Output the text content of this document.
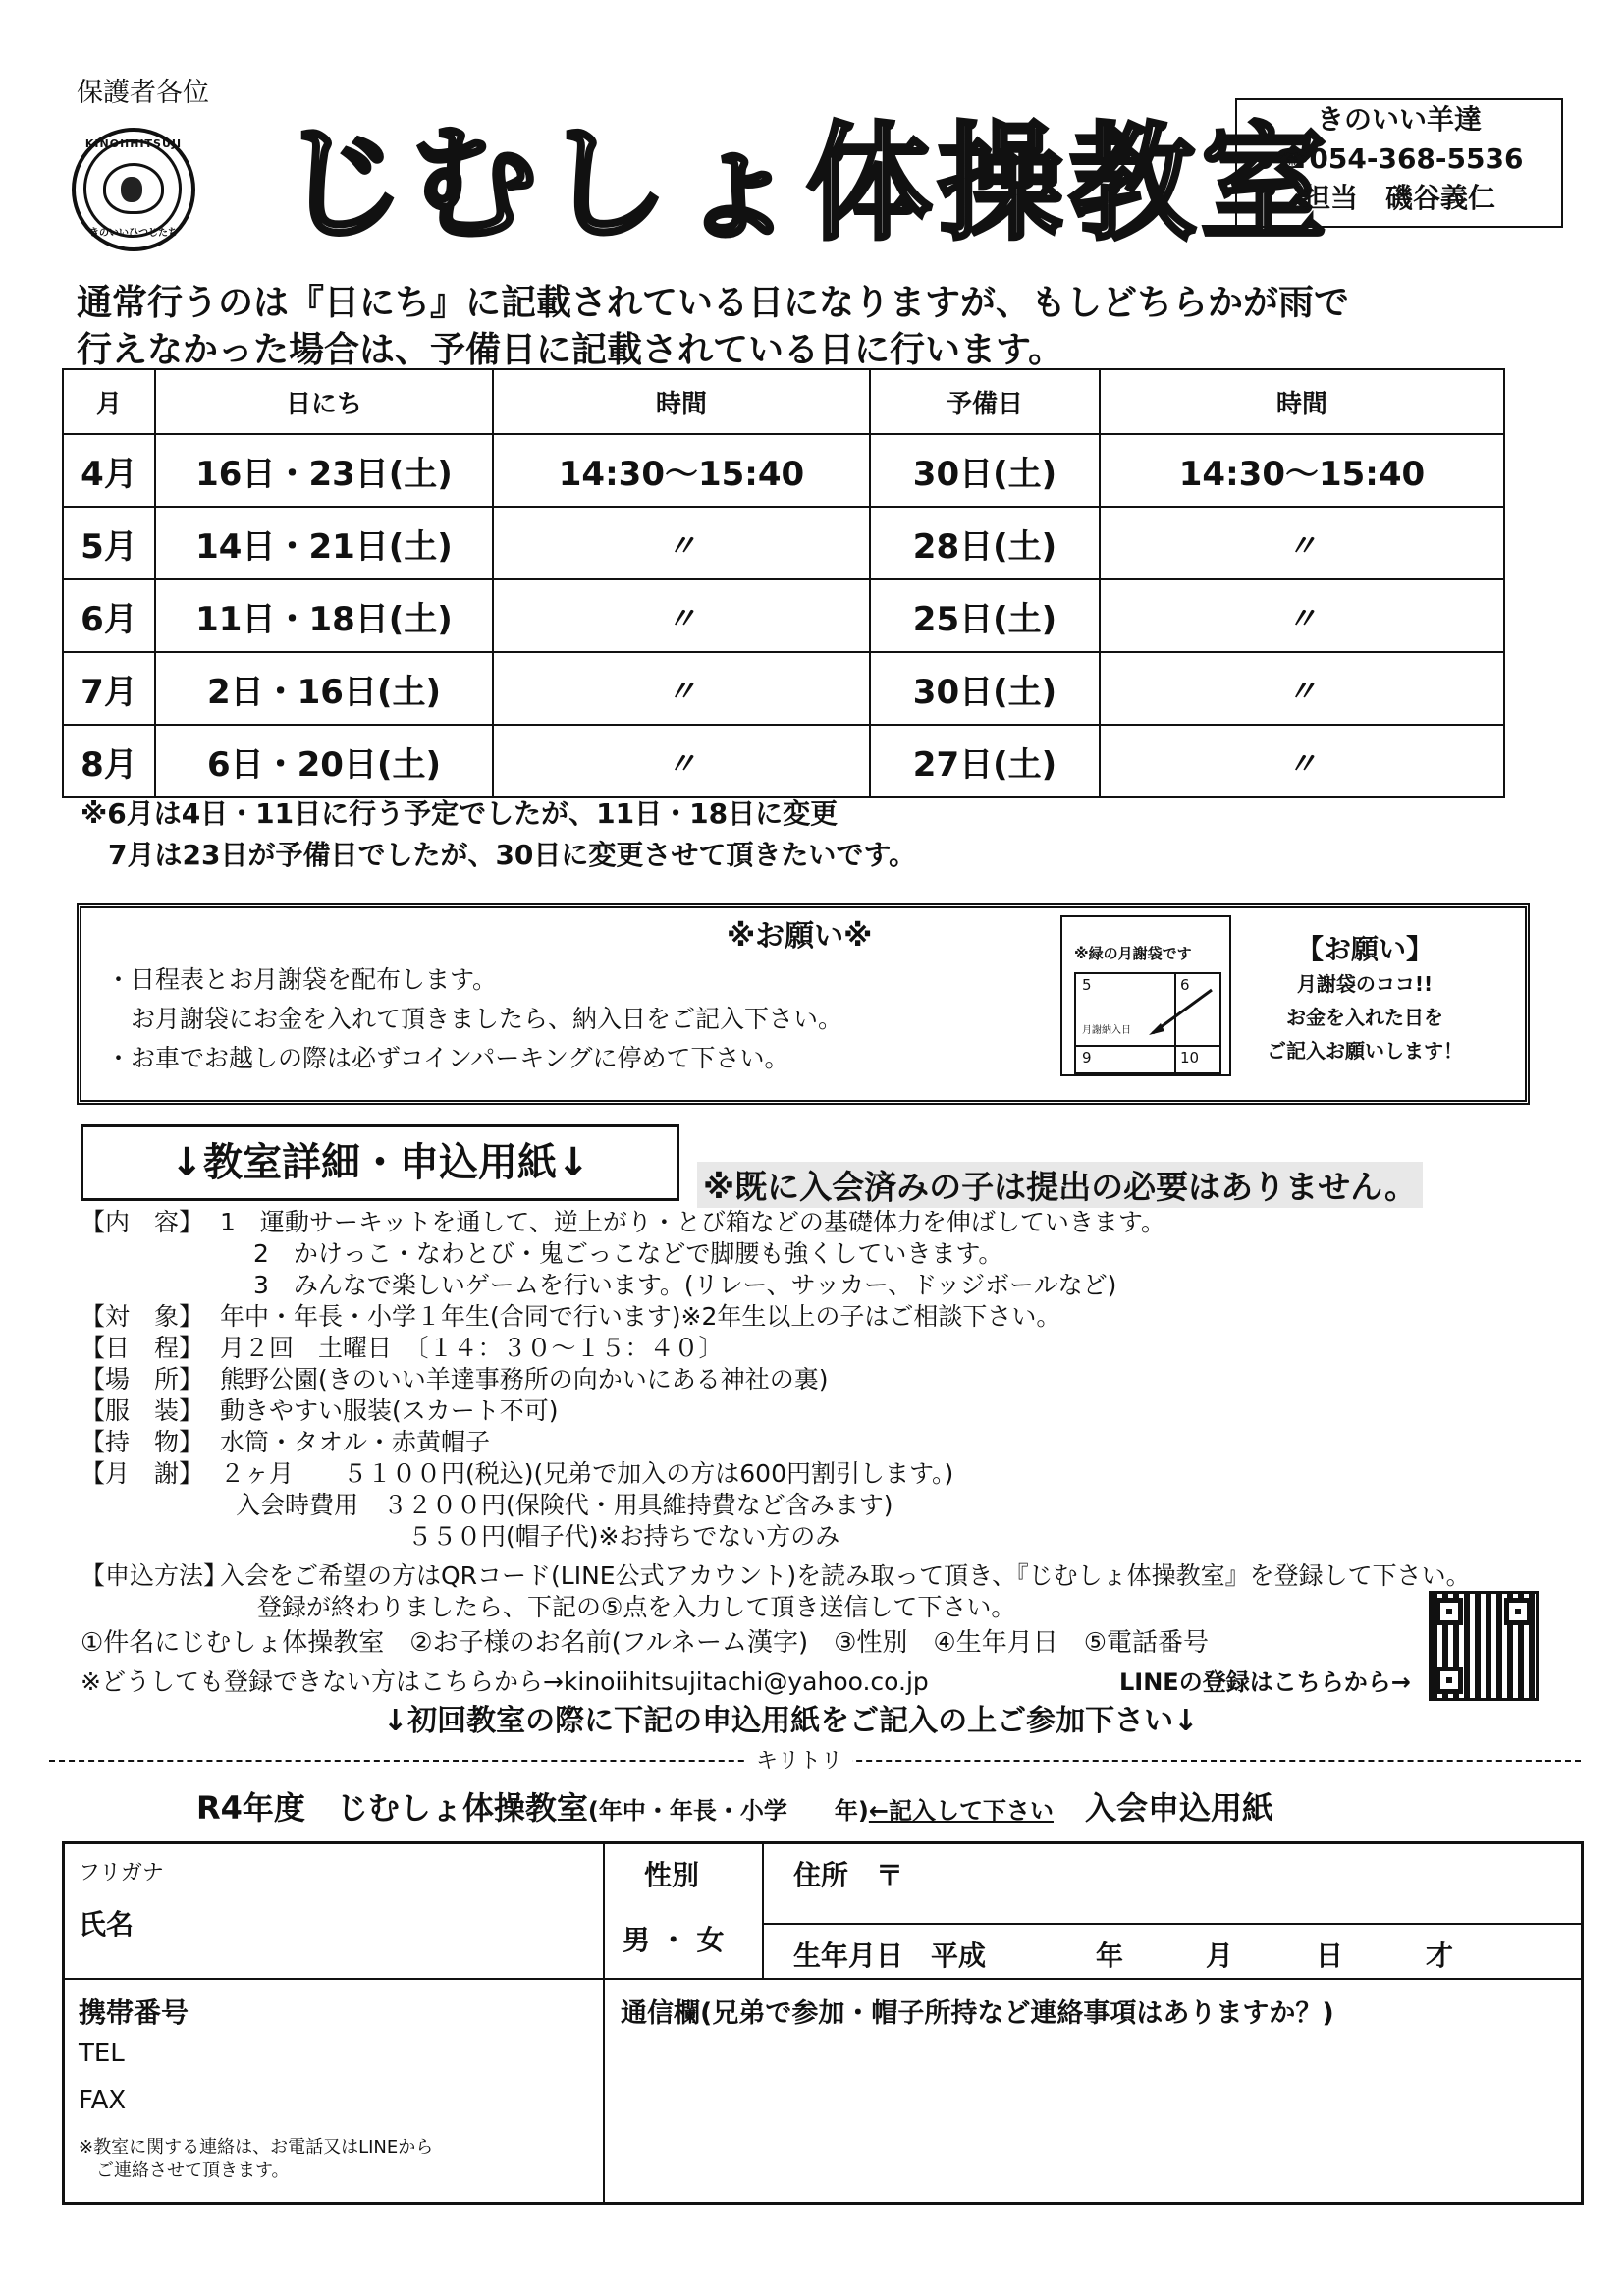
保護者各位
KINOIIHITSUJI
きのいいひつじたち じむしょ体操教室
きのいい羊達
☎054-368-5536
担当　磯谷義仁
通常行うのは『日にち』に記載されている日になりますが、もしどちらかが雨で
行えなかった場合は、予備日に記載されている日に行います。
月	日にち	時間	予備日	時間
4月	16日・23日(土)	14:30〜15:40	30日(土)	14:30〜15:40
5月	14日・21日(土)	〃	28日(土)	〃
6月	11日・18日(土)	〃	25日(土)	〃
7月	2日・16日(土)	〃	30日(土)	〃
8月	6日・20日(土)	〃	27日(土)	〃
※6月は4日・11日に行う予定でしたが、11日・18日に変更
7月は23日が予備日でしたが、30日に変更させて頂きたいです。
※お願い※
・日程表とお月謝袋を配布します。
　お月謝袋にお金を入れて頂きましたら、納入日をご記入下さい。
・お車でお越しの際は必ずコインパーキングに停めて下さい。
※緑の月謝袋です
5	6
月謝納入日
9	10
【お願い】
月謝袋のココ!!
お金を入れた日を
ご記入お願いします！
↓教室詳細・申込用紙↓
※既に入会済みの子は提出の必要はありません。
【内　容】 1　運動サーキットを通して、逆上がり・とび箱などの基礎体力を伸ばしていきます。
2　かけっこ・なわとび・鬼ごっこなどで脚腰も強くしていきます。
3　みんなで楽しいゲームを行います。(リレー、サッカー、ドッジボールなど)
【対　象】 年中・年長・小学１年生(合同で行います)※2年生以上の子はご相談下さい。
【日　程】 月２回　土曜日　〔１４：３０〜１５：４０〕
【場　所】 熊野公園(きのいい羊達事務所の向かいにある神社の裏)
【服　装】 動きやすい服装(スカート不可)
【持　物】 水筒・タオル・赤黄帽子
【月　謝】 ２ヶ月　　５１００円(税込)(兄弟で加入の方は600円割引します。)
入会時費用　３２００円(保険代・用具維持費など含みます)
　　　　　　　５５０円(帽子代)※お持ちでない方のみ
【申込方法】入会をご希望の方はQRコード(LINE公式アカウント)を読み取って頂き、『じむしょ体操教室』を登録して下さい。
登録が終わりましたら、下記の⑤点を入力して頂き送信して下さい。
①件名にじむしょ体操教室　②お子様のお名前(フルネーム漢字)　③性別　④生年月日　⑤電話番号
※どうしても登録できない方はこちらから→kinoiihitsujitachi@yahoo.co.jp	LINEの登録はこちらから→
↓初回教室の際に下記の申込用紙をご記入の上ご参加下さい↓
キリトリ
R4年度　じむしょ体操教室(年中・年長・小学　　年)←記入して下さい　 入会申込用紙
フリガナ
氏名
性別
男 ・ 女
住所　〒
生年月日　平成　　　　年　　　月　　　日　　　才
携帯番号
TEL
FAX
※教室に関する連絡は、お電話又はLINEから
　ご連絡させて頂きます。
通信欄(兄弟で参加・帽子所持など連絡事項はありますか？)
